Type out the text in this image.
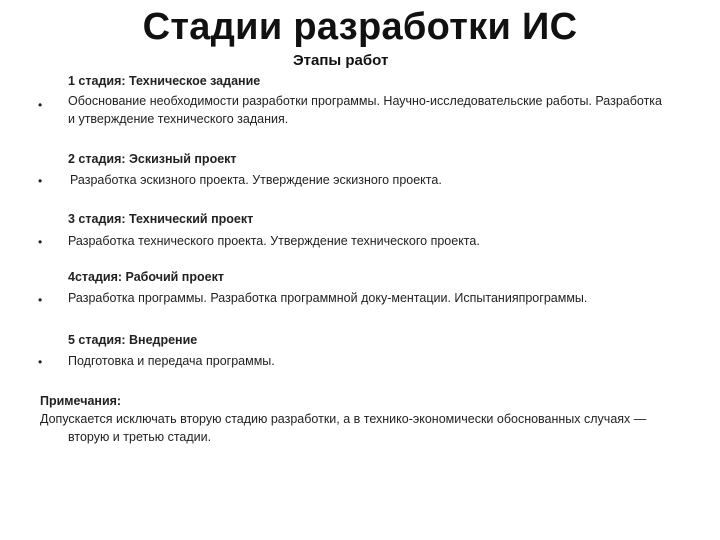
Стадии разработки ИС
Этапы работ

1 стадия: Техническое задание

• Обоснование необходимости разработки программы. Научно-исследовательские работы. Разработка и утверждение технического задания.

2 стадия: Эскизный проект

• Разработка эскизного проекта. Утверждение эскизного проекта.

3 стадия: Технический проект

• Разработка технического проекта. Утверждение технического проекта.

4стадия: Рабочий проект

• Разработка программы. Разработка программной доку-ментации. Испытанияпрограммы.

5 стадия: Внедрение

• Подготовка и передача программы.

Примечания:

Допускается исключать вторую стадию разработки, а в технико-экономически обоснованных случаях — вторую и третью стадии.
